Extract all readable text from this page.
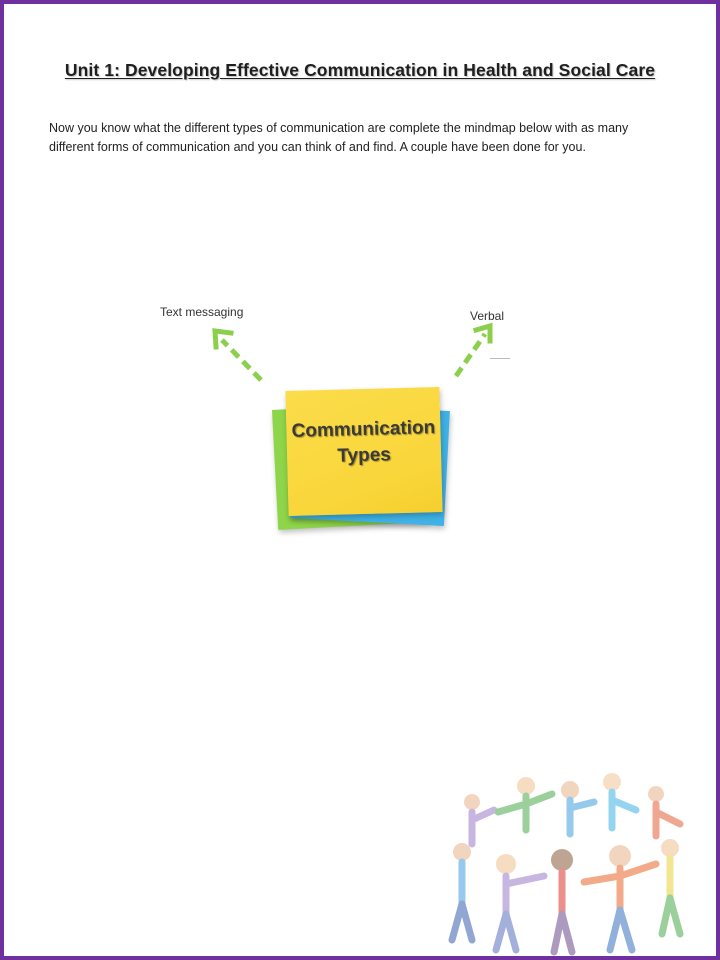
Unit 1: Developing Effective Communication in Health and Social Care
Now you know what the different types of communication are complete the mindmap below with as many different forms of communication and you can think of and find. A couple have been done for you.
Text messaging	Verbal
Communication
Types
